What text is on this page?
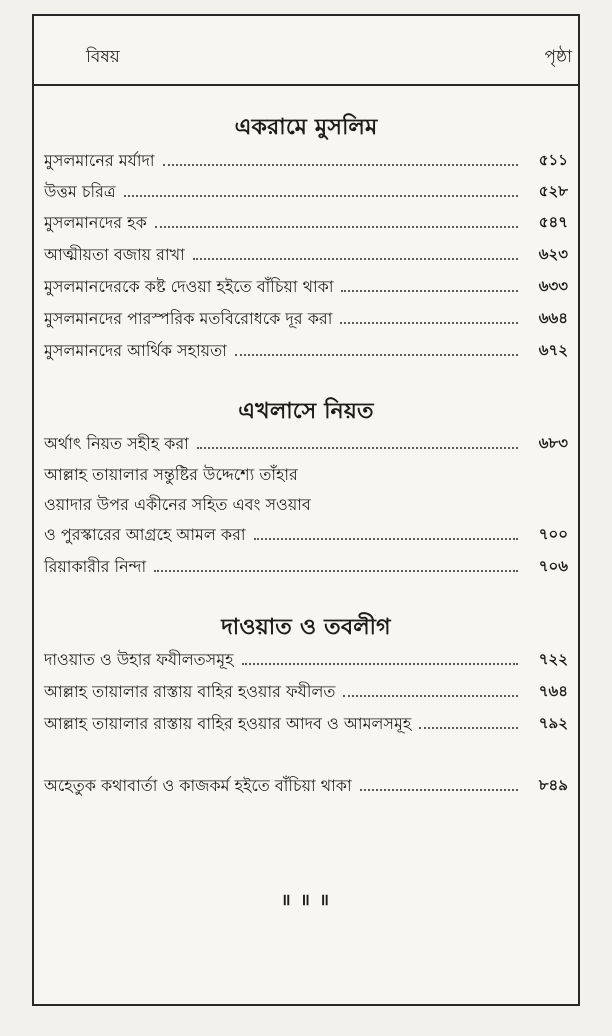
বিষয়	পৃষ্ঠা
একরামে মুসলিম
মুসলমানের মর্যাদা	৫১১
উত্তম চরিত্র	৫২৮
মুসলমানদের হক	৫৪৭
আত্মীয়তা বজায় রাখা	৬২৩
মুসলমানদেরকে কষ্ট দেওয়া হইতে বাঁচিয়া থাকা	৬৩৩
মুসলমানদের পারস্পরিক মতবিরোধকে দূর করা	৬৬৪
মুসলমানদের আর্থিক সহায়তা	৬৭২
এখলাসে নিয়ত
অর্থাৎ নিয়ত সহীহ করা	৬৮৩
আল্লাহ তায়ালার সন্তুষ্টির উদ্দেশ্যে তাঁহার
ওয়াদার উপর একীনের সহিত এবং সওয়াব
ও পুরস্কারের আগ্রহে আমল করা	৭০০
রিয়াকারীর নিন্দা	৭০৬
দাওয়াত ও তবলীগ
দাওয়াত ও উহার ফযীলতসমূহ	৭২২
আল্লাহ তায়ালার রাস্তায় বাহির হওয়ার ফযীলত	৭৬৪
আল্লাহ তায়ালার রাস্তায় বাহির হওয়ার আদব ও আমলসমূহ	৭৯২
অহেতুক কথাবার্তা ও কাজকর্ম হইতে বাঁচিয়া থাকা	৮৪৯
॥ ॥ ॥
